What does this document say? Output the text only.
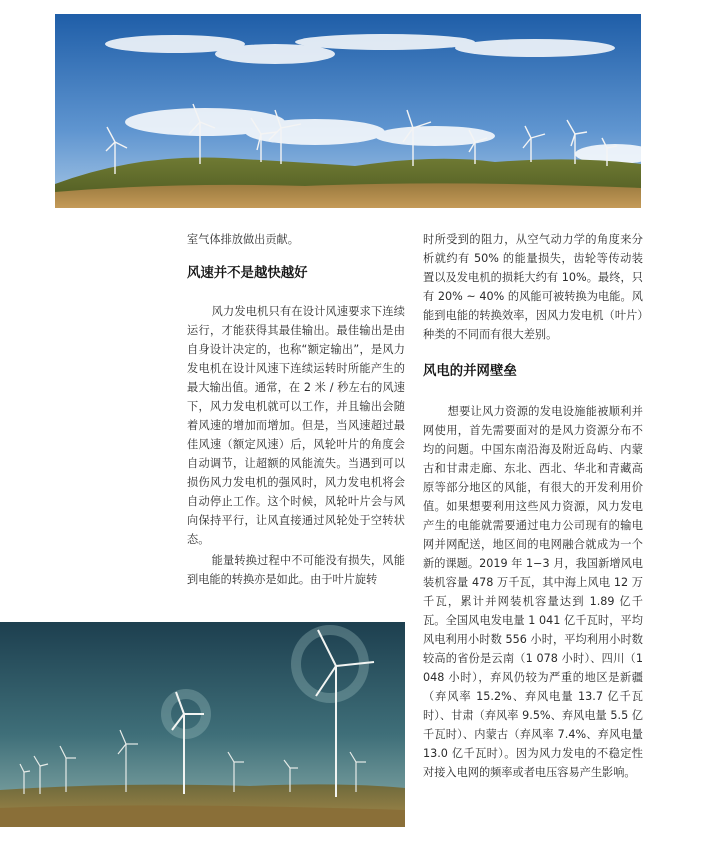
室气体排放做出贡献。

风速并不是越快越好

风力发电机只有在设计风速要求下连续运行，才能获得其最佳输出。最佳输出是由自身设计决定的，也称“额定输出”，是风力发电机在设计风速下连续运转时所能产生的最大输出值。通常，在 2 米 / 秒左右的风速下，风力发电机就可以工作，并且输出会随着风速的增加而增加。但是，当风速超过最佳风速（额定风速）后，风轮叶片的角度会自动调节，让超额的风能流失。当遇到可以损伤风力发电机的强风时，风力发电机将会自动停止工作。这个时候，风轮叶片会与风向保持平行，让风直接通过风轮处于空转状态。

能量转换过程中不可能没有损失，风能到电能的转换亦是如此。由于叶片旋转

时所受到的阻力，从空气动力学的角度来分析就约有 50% 的能量损失，齿轮等传动装置以及发电机的损耗大约有 10%。最终，只有 20% ~ 40% 的风能可被转换为电能。风能到电能的转换效率，因风力发电机（叶片）种类的不同而有很大差别。

风电的并网壁垒

想要让风力资源的发电设施能被顺利并网使用，首先需要面对的是风力资源分布不均的问题。中国东南沿海及附近岛屿、内蒙古和甘肃走廊、东北、西北、华北和青藏高原等部分地区的风能，有很大的开发利用价值。如果想要利用这些风力资源，风力发电产生的电能就需要通过电力公司现有的输电网并网配送，地区间的电网融合就成为一个新的课题。2019 年 1−3 月，我国新增风电装机容量 478 万千瓦，其中海上风电 12 万千瓦，累计并网装机容量达到 1.89 亿千瓦。全国风电发电量 1 041 亿千瓦时，平均风电利用小时数 556 小时，平均利用小时数较高的省份是云南（1 078 小时）、四川（1 048 小时），弃风仍较为严重的地区是新疆（弃风率 15.2%、弃风电量 13.7 亿千瓦时）、甘肃（弃风率 9.5%、弃风电量 5.5 亿千瓦时）、内蒙古（弃风率 7.4%、弃风电量 13.0 亿千瓦时）。因为风力发电的不稳定性对接入电网的频率或者电压容易产生影响。
